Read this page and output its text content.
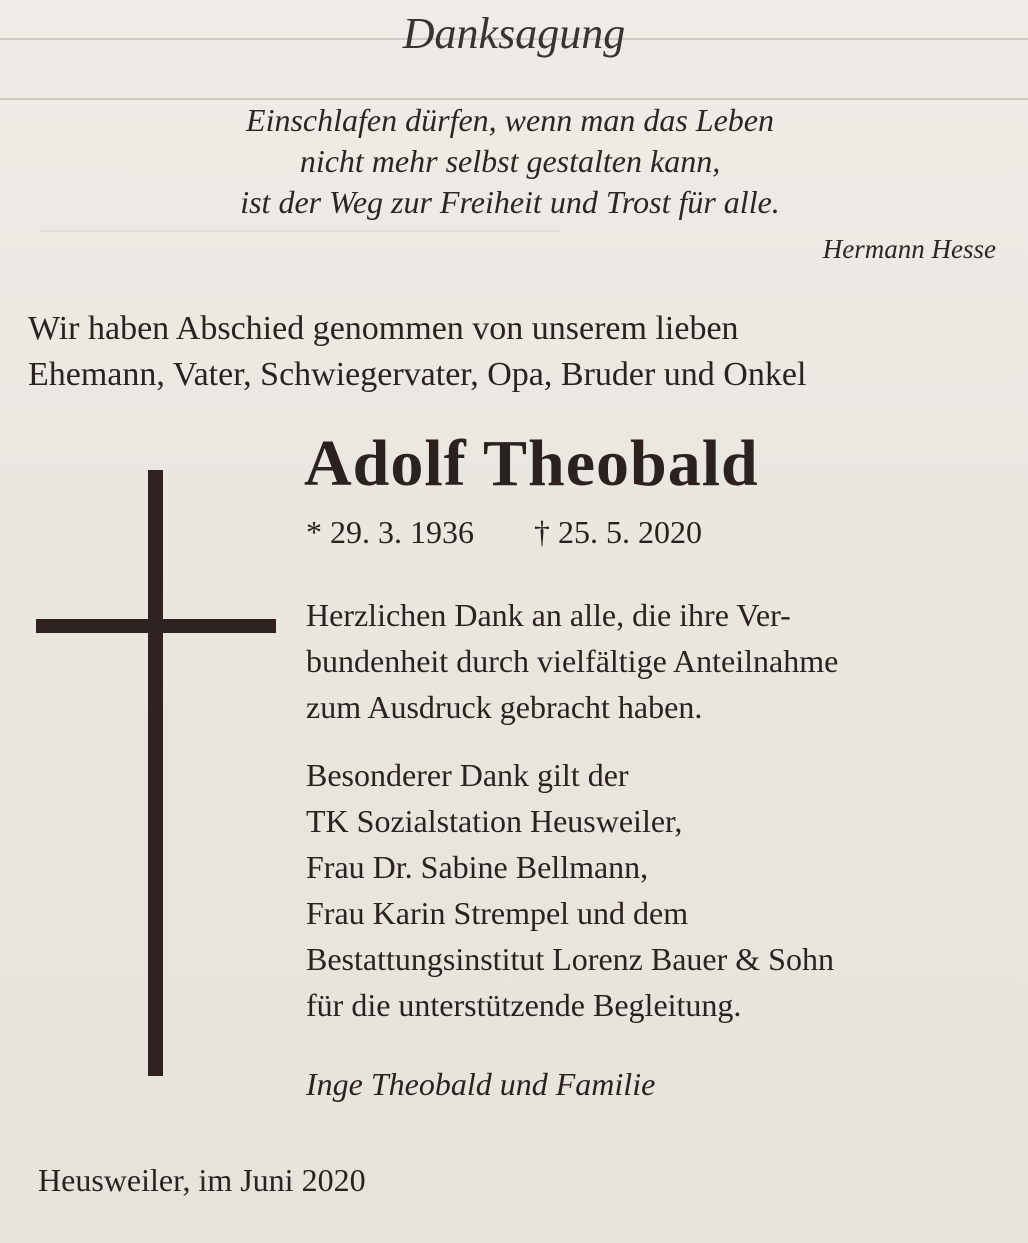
Danksagung
Einschlafen dürfen, wenn man das Leben
nicht mehr selbst gestalten kann,
ist der Weg zur Freiheit und Trost für alle.
Hermann Hesse
Wir haben Abschied genommen von unserem lieben
Ehemann, Vater, Schwiegervater, Opa, Bruder und Onkel
Adolf Theobald
* 29. 3. 1936 † 25. 5. 2020
Herzlichen Dank an alle, die ihre Ver-
bundenheit durch vielfältige Anteilnahme
zum Ausdruck gebracht haben.
Besonderer Dank gilt der
TK Sozialstation Heusweiler,
Frau Dr. Sabine Bellmann,
Frau Karin Strempel und dem
Bestattungsinstitut Lorenz Bauer & Sohn
für die unterstützende Begleitung.
Inge Theobald und Familie
Heusweiler, im Juni 2020
